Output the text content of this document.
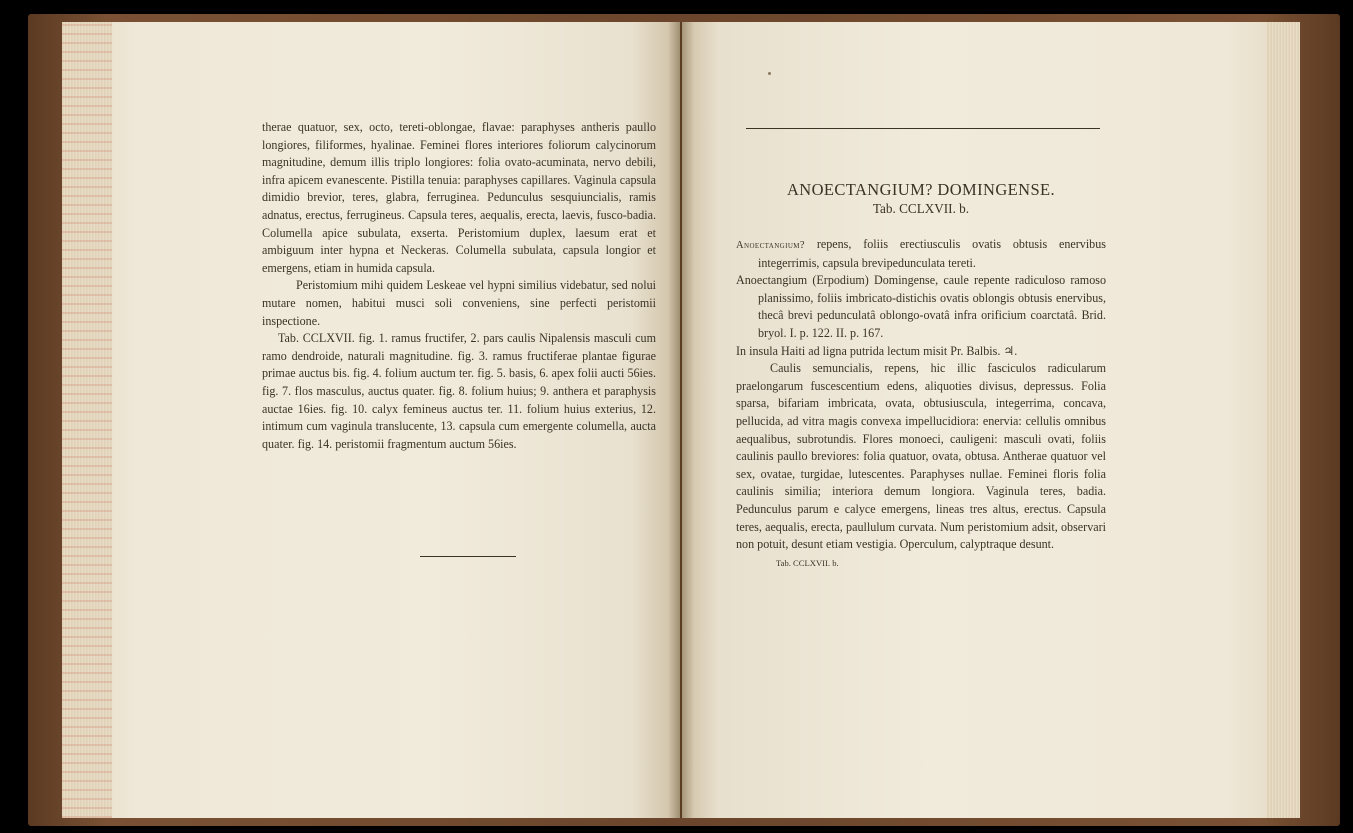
therae quatuor, sex, octo, tereti-oblongae, flavae: paraphyses antheris paullo longiores, filiformes, hyalinae. Feminei flores interiores foliorum calycinorum magnitudine, demum illis triplo longiores: folia ovato-acuminata, nervo debili, infra apicem evanescente. Pistilla tenuia: paraphyses capillares. Vaginula capsula dimidio brevior, teres, glabra, ferruginea. Pedunculus sesquiuncialis, ramis adnatus, erectus, ferrugineus. Capsula teres, aequalis, erecta, laevis, fusco-badia. Columella apice subulata, exserta. Peristomium duplex, laesum erat et ambiguum inter hypna et Neckeras. Columella subulata, capsula longior et emergens, etiam in humida capsula.

Peristomium mihi quidem Leskeae vel hypni similius videbatur, sed nolui mutare nomen, habitui musci soli conveniens, sine perfecti peristomii inspectione.

Tab. CCLXVII. fig. 1. ramus fructifer, 2. pars caulis Nipalensis masculi cum ramo dendroide, naturali magnitudine. fig. 3. ramus fructiferae plantae figurae primae auctus bis. fig. 4. folium auctum ter. fig. 5. basis, 6. apex folii aucti 56ies. fig. 7. flos masculus, auctus quater. fig. 8. folium huius; 9. anthera et paraphysis auctae 16ies. fig. 10. calyx femineus auctus ter. 11. folium huius exterius, 12. intimum cum vaginula translucente, 13. capsula cum emergente columella, aucta quater. fig. 14. peristomii fragmentum auctum 56ies.

ANOECTANGIUM? DOMINGENSE.

Tab. CCLXVII. b.

Anoectangium? repens, foliis erectiusculis ovatis obtusis enervibus integerrimis, capsula brevipedunculata tereti.

Anoectangium (Erpodium) Domingense, caule repente radiculoso ramoso planissimo, foliis imbricato-distichis ovatis oblongis obtusis enervibus, thecâ brevi pedunculatâ oblongo-ovatâ infra orificium coarctatâ. Brid. bryol. I. p. 122. II. p. 167.

In insula Haiti ad ligna putrida lectum misit Pr. Balbis. ♃.

Caulis semuncialis, repens, hic illic fasciculos radicularum praelongarum fuscescentium edens, aliquoties divisus, depressus. Folia sparsa, bifariam imbricata, ovata, obtusiuscula, integerrima, concava, pellucida, ad vitra magis convexa impellucidiora: enervia: cellulis omnibus aequalibus, subrotundis. Flores monoeci, cauligeni: masculi ovati, foliis caulinis paullo breviores: folia quatuor, ovata, obtusa. Antherae quatuor vel sex, ovatae, turgidae, lutescentes. Paraphyses nullae. Feminei floris folia caulinis similia; interiora demum longiora. Vaginula teres, badia. Pedunculus parum e calyce emergens, lineas tres altus, erectus. Capsula teres, aequalis, erecta, paullulum curvata. Num peristomium adsit, observari non potuit, desunt etiam vestigia. Operculum, calyptraque desunt.

Tab. CCLXVII. b.
